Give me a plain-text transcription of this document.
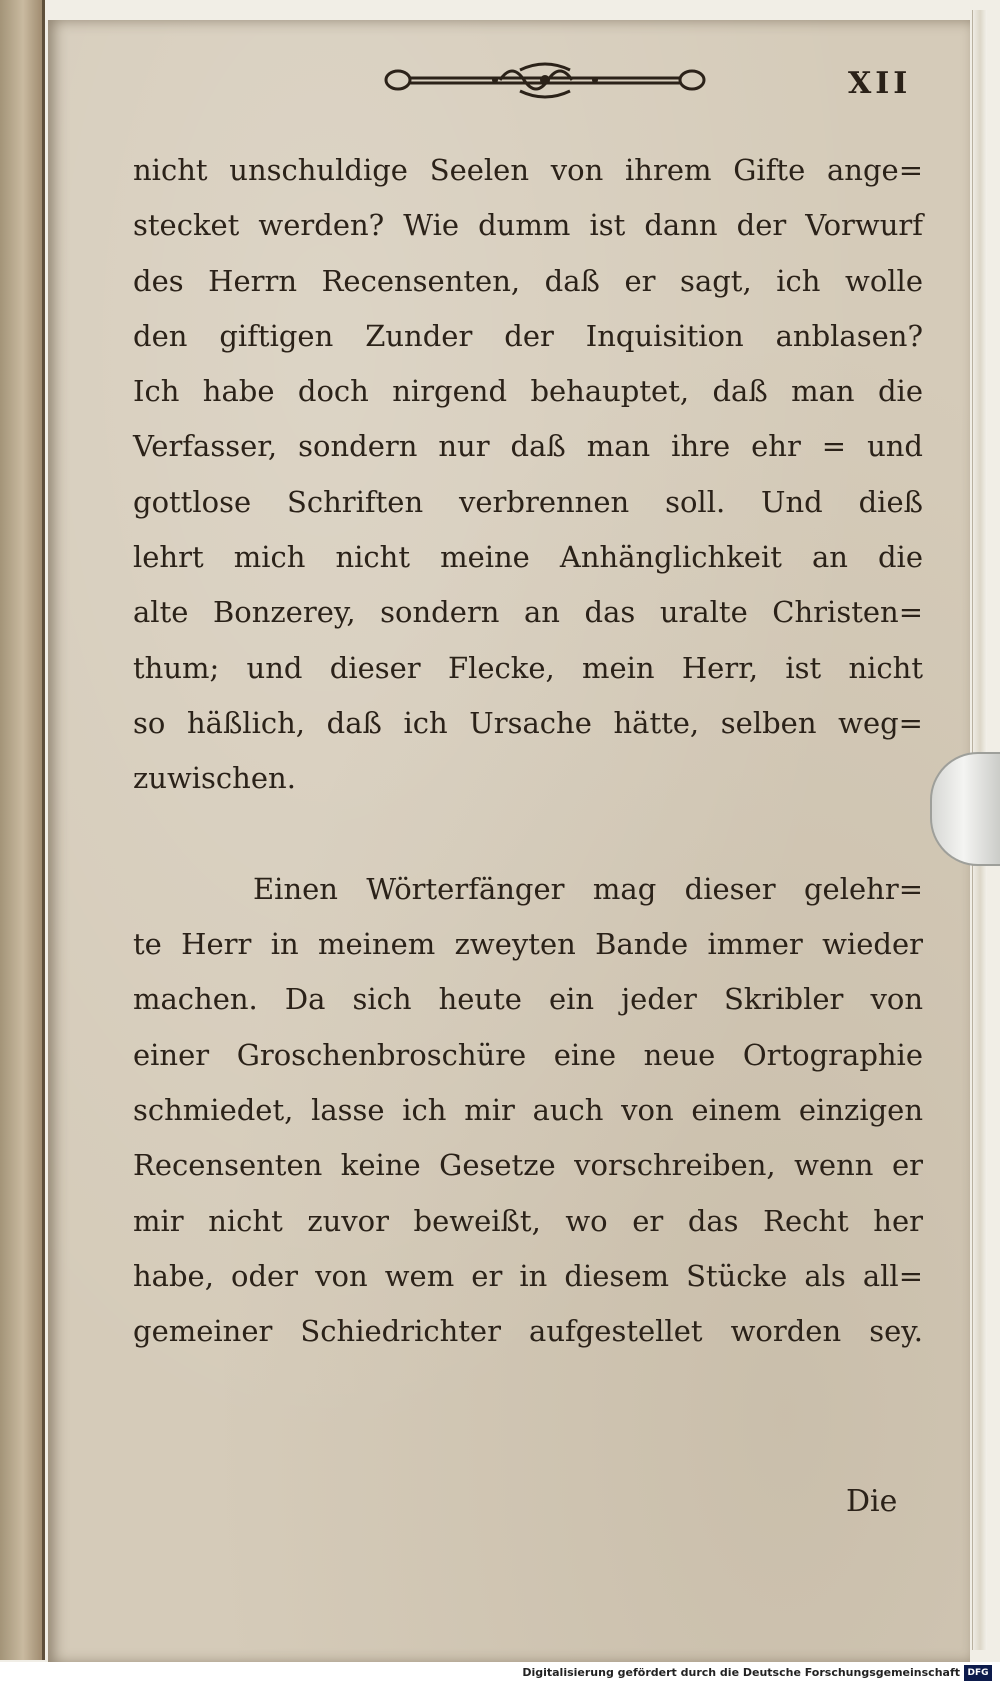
XII
nicht unschuldige Seelen von ihrem Gifte ange=
stecket werden? Wie dumm ist dann der Vorwurf
des Herrn Recensenten, daß er sagt, ich wolle
den giftigen Zunder der Inquisition anblasen?
Ich habe doch nirgend behauptet, daß man die
Verfasser, sondern nur daß man ihre ehr = und
gottlose Schriften verbrennen soll. Und dieß
lehrt mich nicht meine Anhänglichkeit an die
alte Bonzerey, sondern an das uralte Christen=
thum; und dieser Flecke, mein Herr, ist nicht
so häßlich, daß ich Ursache hätte, selben weg=
zuwischen.
Einen Wörterfänger mag dieser gelehr=
te Herr in meinem zweyten Bande immer wieder
machen. Da sich heute ein jeder Skribler von
einer Groschenbroschüre eine neue Ortographie
schmiedet, lasse ich mir auch von einem einzigen
Recensenten keine Gesetze vorschreiben, wenn er
mir nicht zuvor beweißt, wo er das Recht her
habe, oder von wem er in diesem Stücke als all=
gemeiner Schiedrichter aufgestellet worden sey.
Die
Digitalisierung gefördert durch die Deutsche Forschungsgemeinschaft DFG
